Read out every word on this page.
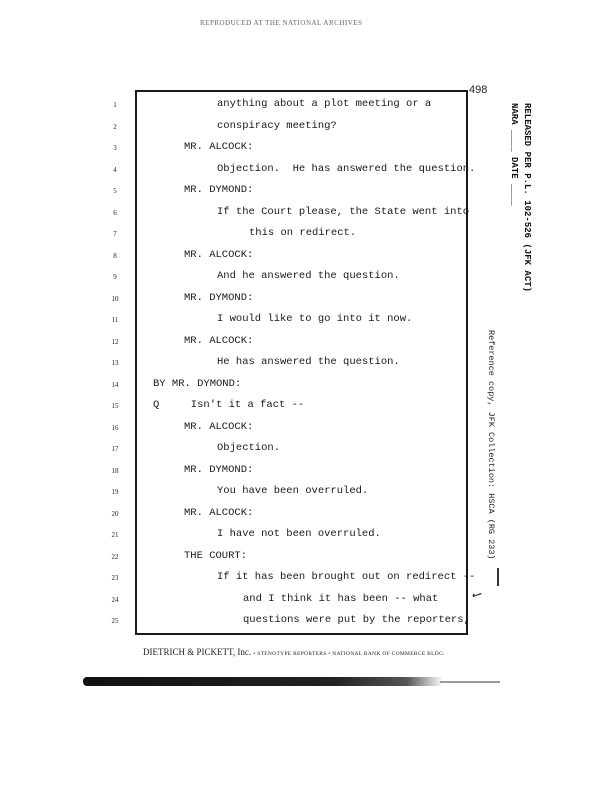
REPRODUCED AT THE NATIONAL ARCHIVES
498
1	anything about a plot meeting or a
2	conspiracy meeting?
3	MR. ALCOCK:
4	Objection.  He has answered the question.
5	MR. DYMOND:
6	If the Court please, the State went into
7	this on redirect.
8	MR. ALCOCK:
9	And he answered the question.
10	MR. DYMOND:
11	I would like to go into it now.
12	MR. ALCOCK:
13	He has answered the question.
14	BY MR. DYMOND:
15	Q     Isn't it a fact --
16	MR. ALCOCK:
17	Objection.
18	MR. DYMOND:
19	You have been overruled.
20	MR. ALCOCK:
21	I have not been overruled.
22	THE COURT:
23	If it has been brought out on redirect --
24	and I think it has been -- what
25	questions were put by the reporters,
DIETRICH & PICKETT, Inc. • STENOTYPE REPORTERS • NATIONAL BANK OF COMMERCE BLDG.
RELEASED PER P.L. 102-526 (JFK ACT)
NARA ____ DATE ____
Reference copy, JFK Collection: HSCA (RG 233)
✓
